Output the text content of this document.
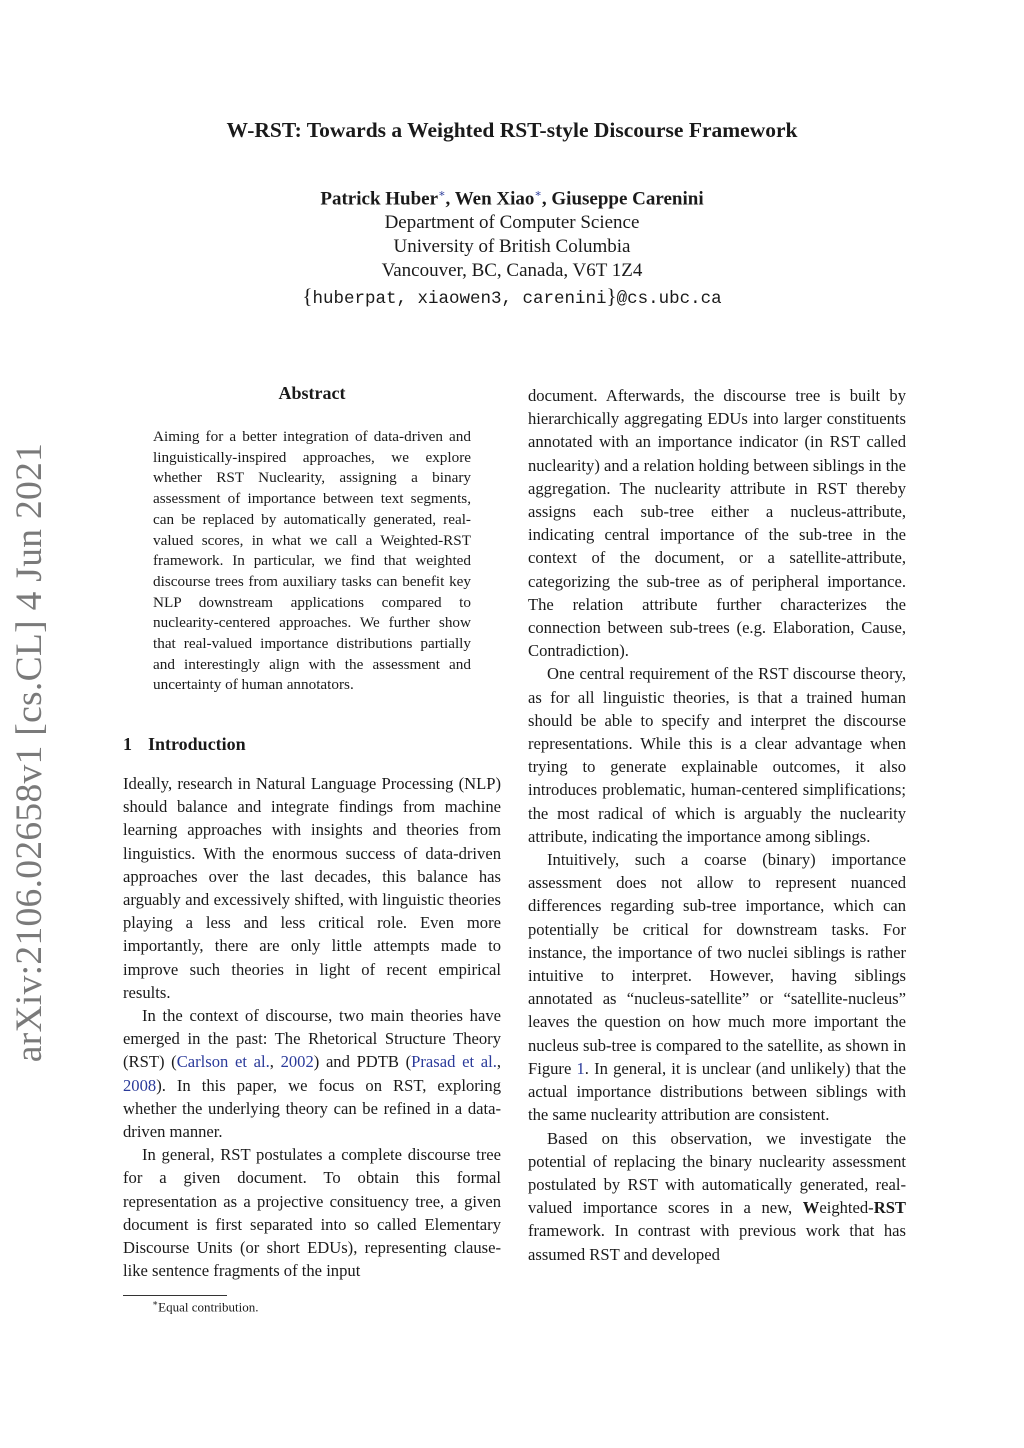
arXiv:2106.02658v1 [cs.CL] 4 Jun 2021
W-RST: Towards a Weighted RST-style Discourse Framework
Patrick Huber∗, Wen Xiao∗, Giuseppe Carenini
Department of Computer Science
University of British Columbia
Vancouver, BC, Canada, V6T 1Z4
{huberpat, xiaowen3, carenini}@cs.ubc.ca
Abstract

Aiming for a better integration of data-driven and linguistically-inspired approaches, we explore whether RST Nuclearity, assigning a binary assessment of importance between text segments, can be replaced by automatically generated, real-valued scores, in what we call a Weighted-RST framework. In particular, we find that weighted discourse trees from auxiliary tasks can benefit key NLP downstream applications compared to nuclearity-centered approaches. We further show that real-valued importance distributions partially and interestingly align with the assessment and uncertainty of human annotators.

1 Introduction

Ideally, research in Natural Language Processing (NLP) should balance and integrate findings from machine learning approaches with insights and theories from linguistics. With the enormous success of data-driven approaches over the last decades, this balance has arguably and excessively shifted, with linguistic theories playing a less and less critical role. Even more importantly, there are only little attempts made to improve such theories in light of recent empirical results.

In the context of discourse, two main theories have emerged in the past: The Rhetorical Structure Theory (RST) (Carlson et al., 2002) and PDTB (Prasad et al., 2008). In this paper, we focus on RST, exploring whether the underlying theory can be refined in a data-driven manner.

In general, RST postulates a complete discourse tree for a given document. To obtain this formal representation as a projective consituency tree, a given document is first separated into so called Elementary Discourse Units (or short EDUs), representing clause-like sentence fragments of the input

document. Afterwards, the discourse tree is built by hierarchically aggregating EDUs into larger constituents annotated with an importance indicator (in RST called nuclearity) and a relation holding between siblings in the aggregation. The nuclearity attribute in RST thereby assigns each sub-tree either a nucleus-attribute, indicating central importance of the sub-tree in the context of the document, or a satellite-attribute, categorizing the sub-tree as of peripheral importance. The relation attribute further characterizes the connection between sub-trees (e.g. Elaboration, Cause, Contradiction).

One central requirement of the RST discourse theory, as for all linguistic theories, is that a trained human should be able to specify and interpret the discourse representations. While this is a clear advantage when trying to generate explainable outcomes, it also introduces problematic, human-centered simplifications; the most radical of which is arguably the nuclearity attribute, indicating the importance among siblings.

Intuitively, such a coarse (binary) importance assessment does not allow to represent nuanced differences regarding sub-tree importance, which can potentially be critical for downstream tasks. For instance, the importance of two nuclei siblings is rather intuitive to interpret. However, having siblings annotated as “nucleus-satellite” or “satellite-nucleus” leaves the question on how much more important the nucleus sub-tree is compared to the satellite, as shown in Figure 1. In general, it is unclear (and unlikely) that the actual importance distributions between siblings with the same nuclearity attribution are consistent.

Based on this observation, we investigate the potential of replacing the binary nuclearity assessment postulated by RST with automatically generated, real-valued importance scores in a new, Weighted-RST framework. In contrast with previous work that has assumed RST and developed

∗Equal contribution.
